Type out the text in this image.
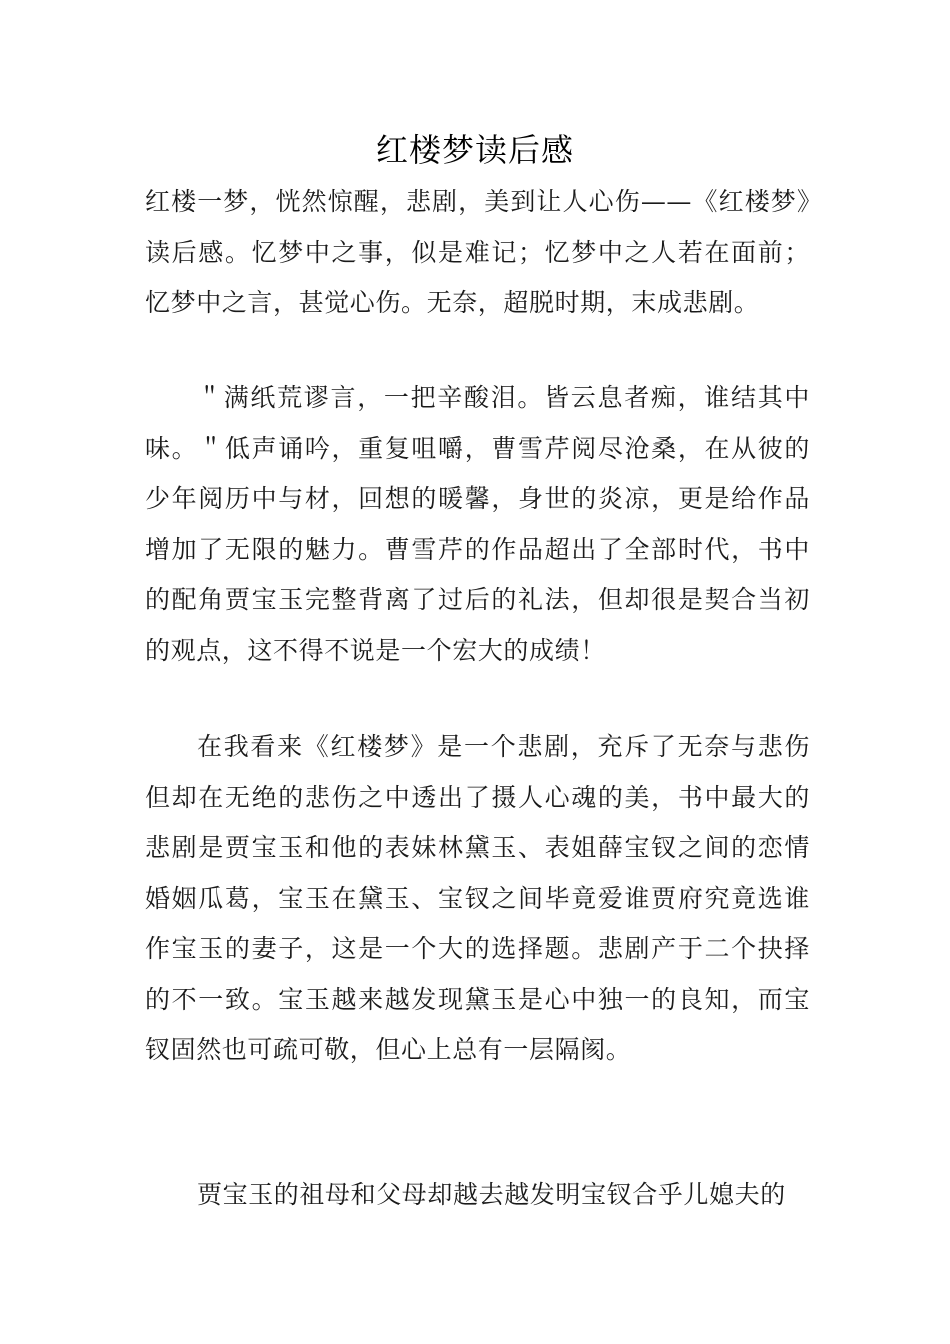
红楼梦读后感

红楼一梦，恍然惊醒，悲剧，美到让人心伤——《红楼梦》读后感。忆梦中之事，似是难记；忆梦中之人若在面前；忆梦中之言，甚觉心伤。无奈，超脱时期，末成悲剧。

＂满纸荒谬言，一把辛酸泪。皆云息者痴，谁结其中味。＂低声诵吟，重复咀嚼，曹雪芹阅尽沧桑，在从彼的少年阅历中与材，回想的暖馨，身世的炎凉，更是给作品增加了无限的魅力。曹雪芹的作品超出了全部时代，书中的配角贾宝玉完整背离了过后的礼法，但却很是契合当初的观点，这不得不说是一个宏大的成绩！

在我看来《红楼梦》是一个悲剧，充斥了无奈与悲伤但却在无绝的悲伤之中透出了摄人心魂的美，书中最大的悲剧是贾宝玉和他的表妹林黛玉、表姐薛宝钗之间的恋情婚姻瓜葛，宝玉在黛玉、宝钗之间毕竟爱谁贾府究竟选谁作宝玉的妻子，这是一个大的选择题。悲剧产于二个抉择的不一致。宝玉越来越发现黛玉是心中独一的良知，而宝钗固然也可疏可敬，但心上总有一层隔阂。

贾宝玉的祖母和父母却越去越发明宝钗合乎儿媳夫的
